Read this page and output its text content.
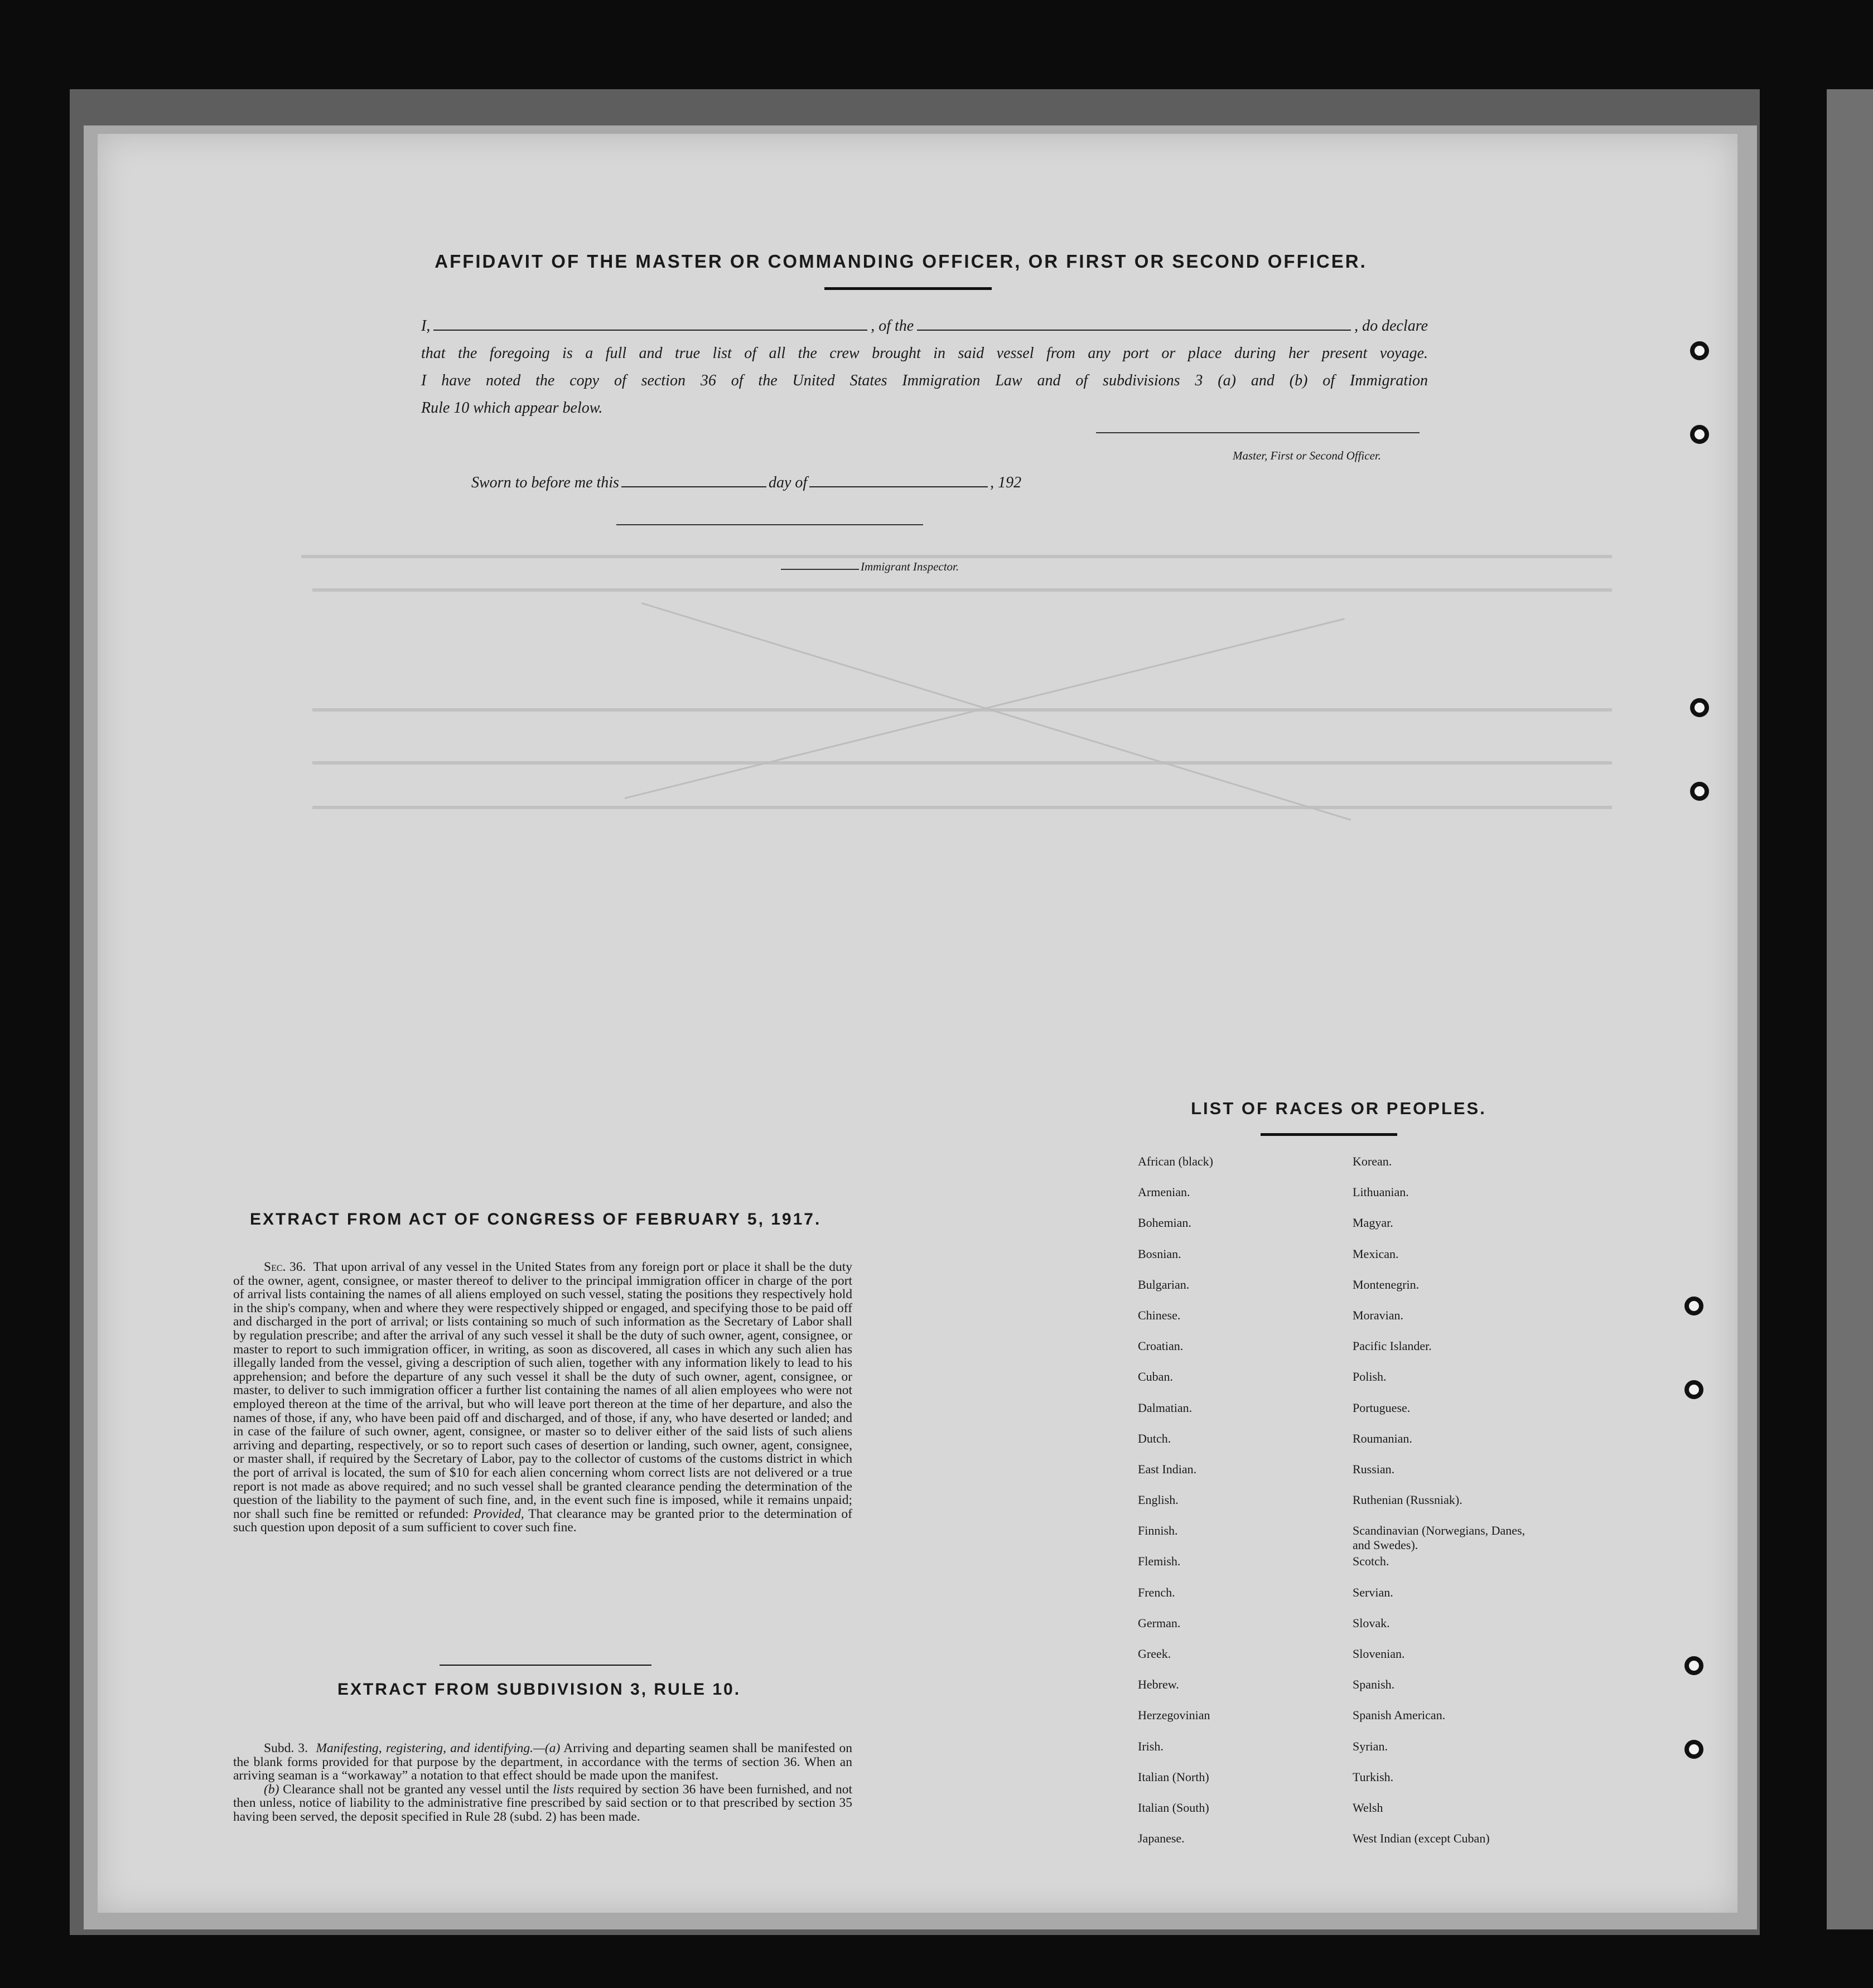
AFFIDAVIT OF THE MASTER OR COMMANDING OFFICER, OR FIRST OR SECOND OFFICER.
I,	, of the	, do declare
that the foregoing is a full and true list of all the crew brought in said vessel from any port or place during her present voyage.
I have noted the copy of section 36 of the United States Immigration Law and of subdivisions 3 (a) and (b) of Immigration
Rule 10 which appear below.
Master, First or Second Officer.
Sworn to before me this	day of	, 192
Immigrant Inspector.
EXTRACT FROM ACT OF CONGRESS OF FEBRUARY 5, 1917.
Sec. 36. That upon arrival of any vessel in the United States from any foreign port or place it shall be the duty of the owner, agent, consignee, or master thereof to deliver to the principal immigration officer in charge of the port of arrival lists containing the names of all aliens employed on such vessel, stating the positions they respectively hold in the ship's company, when and where they were respectively shipped or engaged, and specifying those to be paid off and discharged in the port of arrival; or lists containing so much of such information as the Secretary of Labor shall by regulation prescribe; and after the arrival of any such vessel it shall be the duty of such owner, agent, consignee, or master to report to such immigration officer, in writing, as soon as discovered, all cases in which any such alien has illegally landed from the vessel, giving a description of such alien, together with any information likely to lead to his apprehension; and before the departure of any such vessel it shall be the duty of such owner, agent, consignee, or master, to deliver to such immigration officer a further list containing the names of all alien employees who were not employed thereon at the time of the arrival, but who will leave port thereon at the time of her departure, and also the names of those, if any, who have been paid off and discharged, and of those, if any, who have deserted or landed; and in case of the failure of such owner, agent, consignee, or master so to deliver either of the said lists of such aliens arriving and departing, respectively, or so to report such cases of desertion or landing, such owner, agent, consignee, or master shall, if required by the Secretary of Labor, pay to the collector of customs of the customs district in which the port of arrival is located, the sum of $10 for each alien concerning whom correct lists are not delivered or a true report is not made as above required; and no such vessel shall be granted clearance pending the determination of the question of the liability to the payment of such fine, and, in the event such fine is imposed, while it remains unpaid; nor shall such fine be remitted or refunded: Provided, That clearance may be granted prior to the determination of such question upon deposit of a sum sufficient to cover such fine.
EXTRACT FROM SUBDIVISION 3, RULE 10.
Subd. 3. Manifesting, registering, and identifying.—(a) Arriving and departing seamen shall be manifested on the blank forms provided for that purpose by the department, in accordance with the terms of section 36. When an arriving seaman is a “workaway” a notation to that effect should be made upon the manifest.
(b) Clearance shall not be granted any vessel until the lists required by section 36 have been furnished, and not then unless, notice of liability to the administrative fine prescribed by said section or to that prescribed by section 35 having been served, the deposit specified in Rule 28 (subd. 2) has been made.
LIST OF RACES OR PEOPLES.
African (black)
Armenian.
Bohemian.
Bosnian.
Bulgarian.
Chinese.
Croatian.
Cuban.
Dalmatian.
Dutch.
East Indian.
English.
Finnish.
Flemish.
French.
German.
Greek.
Hebrew.
Herzegovinian
Irish.
Italian (North)
Italian (South)
Japanese.
Korean.
Lithuanian.
Magyar.
Mexican.
Montenegrin.
Moravian.
Pacific Islander.
Polish.
Portuguese.
Roumanian.
Russian.
Ruthenian (Russniak).
Scandinavian (Norwegians, Danes, and Swedes).
Scotch.
Servian.
Slovak.
Slovenian.
Spanish.
Spanish American.
Syrian.
Turkish.
Welsh
West Indian (except Cuban)
